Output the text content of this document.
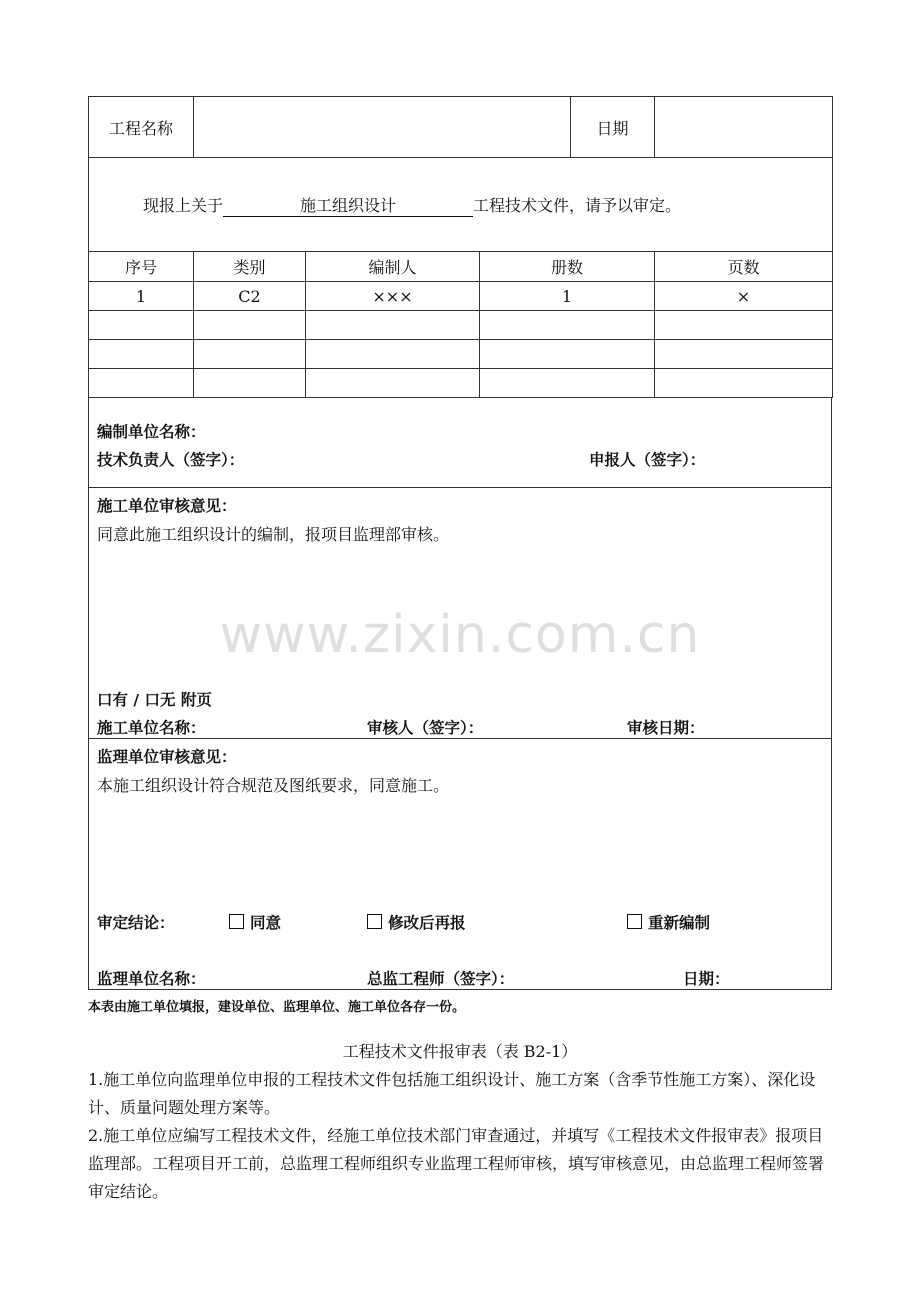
工程名称		日期	
现报上关于	施工组织设计	工程技术文件，请予以审定。
序号	类别	编制人	册数	页数
1	C2	×××	1	×

编制单位名称：
技术负责人（签字）：	申报人（签字）：

施工单位审核意见：
同意此施工组织设计的编制，报项目监理部审核。
口有 / 口无 附页
施工单位名称：	审核人（签字）：	审核日期：

监理单位审核意见：
本施工组织设计符合规范及图纸要求，同意施工。
审定结论：	同意	修改后再报	重新编制
监理单位名称：	总监工程师（签字）：	日期：
本表由施工单位填报，建设单位、监理单位、施工单位各存一份。
www.zixin.com.cn
工程技术文件报审表（表 B2-1）

1.施工单位向监理单位申报的工程技术文件包括施工组织设计、施工方案（含季节性施工方案）、深化设计、质量问题处理方案等。

2.施工单位应编写工程技术文件，经施工单位技术部门审查通过，并填写《工程技术文件报审表》报项目监理部。工程项目开工前，总监理工程师组织专业监理工程师审核，填写审核意见，由总监理工程师签署审定结论。
